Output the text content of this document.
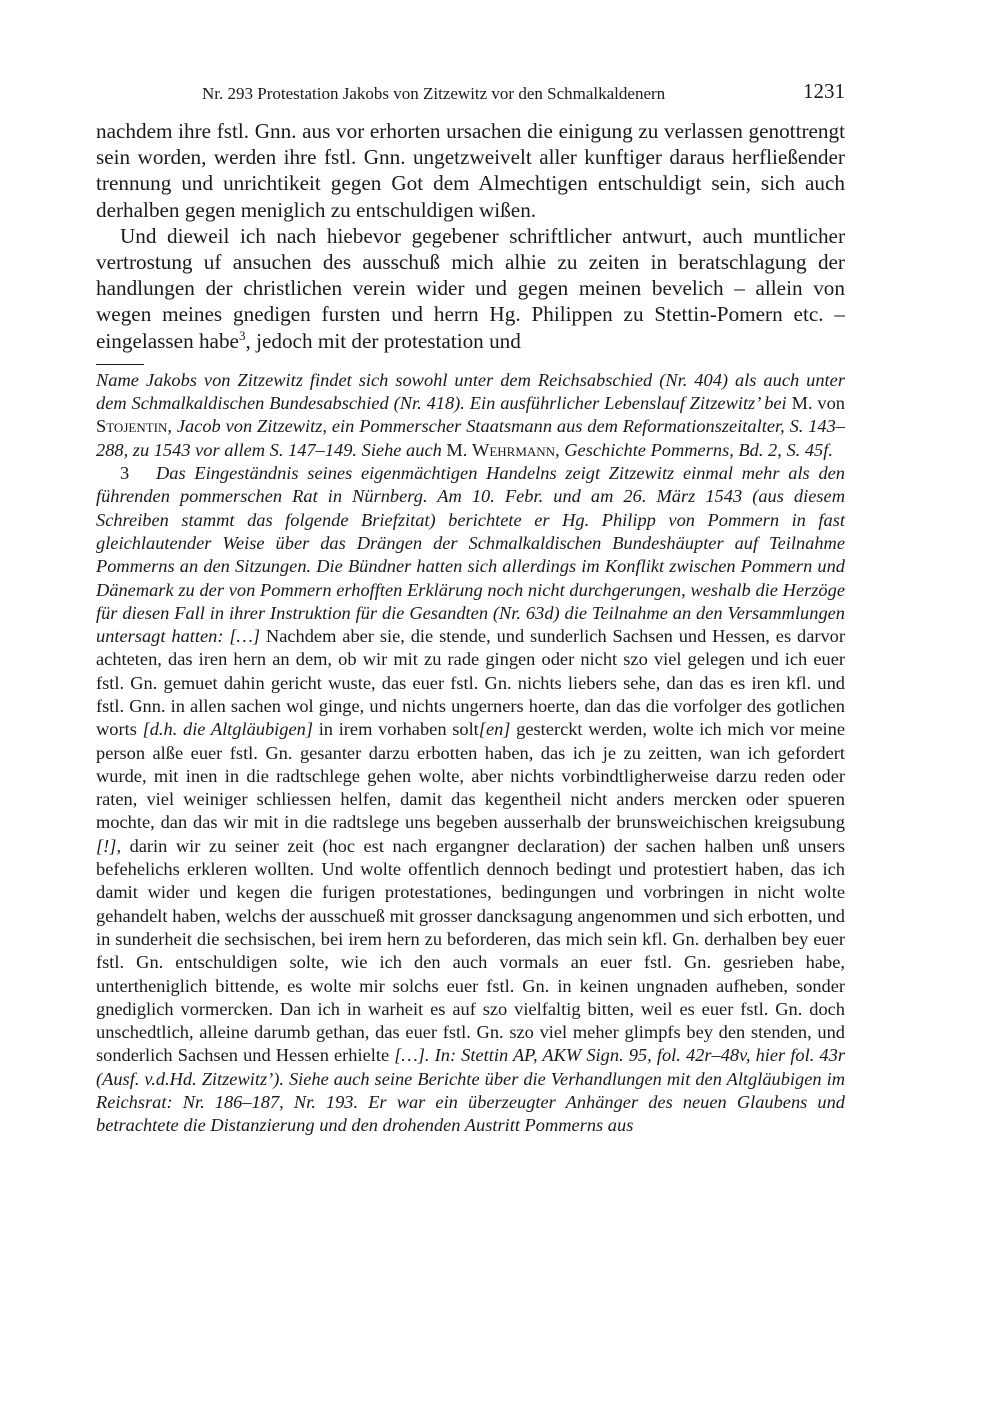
Nr. 293 Protestation Jakobs von Zitzewitz vor den Schmalkaldenern	1231

nachdem ihre fstl. Gnn. aus vor erhorten ursachen die einigung zu verlassen genottrengt sein worden, werden ihre fstl. Gnn. ungetzweivelt aller kunftiger daraus herfließender trennung und unrichtikeit gegen Got dem Almechtigen entschuldigt sein, sich auch derhalben gegen meniglich zu entschuldigen wißen.

Und dieweil ich nach hiebevor gegebener schriftlicher antwurt, auch muntlicher vertrostung uf ansuchen des ausschuß mich alhie zu zeiten in beratschlagung der handlungen der christlichen verein wider und gegen meinen bevelich – allein von wegen meines gnedigen fursten und herrn Hg. Philippen zu Stettin-Pomern etc. – eingelassen habe$^3$, jedoch mit der protestation und

Name Jakobs von Zitzewitz findet sich sowohl unter dem Reichsabschied (Nr. 404) als auch unter dem Schmalkaldischen Bundesabschied (Nr. 418). Ein ausführlicher Lebenslauf Zitzewitz’ bei M. von Stojentin, Jacob von Zitzewitz, ein Pommerscher Staatsmann aus dem Reformationszeitalter, S. 143–288, zu 1543 vor allem S. 147–149. Siehe auch M. Wehrmann, Geschichte Pommerns, Bd. 2, S. 45f.

3 Das Eingeständnis seines eigenmächtigen Handelns zeigt Zitzewitz einmal mehr als den führenden pommerschen Rat in Nürnberg. Am 10. Febr. und am 26. März 1543 (aus diesem Schreiben stammt das folgende Briefzitat) berichtete er Hg. Philipp von Pommern in fast gleichlautender Weise über das Drängen der Schmalkaldischen Bundeshäupter auf Teilnahme Pommerns an den Sitzungen. Die Bündner hatten sich allerdings im Konflikt zwischen Pommern und Dänemark zu der von Pommern erhofften Erklärung noch nicht durchgerungen, weshalb die Herzöge für diesen Fall in ihrer Instruktion für die Gesandten (Nr. 63d) die Teilnahme an den Versammlungen untersagt hatten: […] Nachdem aber sie, die stende, und sunderlich Sachsen und Hessen, es darvor achteten, das iren hern an dem, ob wir mit zu rade gingen oder nicht szo viel gelegen und ich euer fstl. Gn. gemuet dahin gericht wuste, das euer fstl. Gn. nichts liebers sehe, dan das es iren kfl. und fstl. Gnn. in allen sachen wol ginge, und nichts ungerners hoerte, dan das die vorfolger des gotlichen worts [d.h. die Altgläubigen] in irem vorhaben solt[en] gesterckt werden, wolte ich mich vor meine person alße euer fstl. Gn. gesanter darzu erbotten haben, das ich je zu zeitten, wan ich gefordert wurde, mit inen in die radtschlege gehen wolte, aber nichts vorbindtligherweise darzu reden oder raten, viel weiniger schliessen helfen, damit das kegentheil nicht anders mercken oder spueren mochte, dan das wir mit in die radtslege uns begeben ausserhalb der brunsweichischen kreigsubung [!], darin wir zu seiner zeit (hoc est nach ergangner declaration) der sachen halben unß unsers befehelichs erkleren wollten. Und wolte offentlich dennoch bedingt und protestiert haben, das ich damit wider und kegen die furigen protestationes, bedingungen und vorbringen in nicht wolte gehandelt haben, welchs der ausschueß mit grosser dancksagung angenommen und sich erbotten, und in sunderheit die sechsischen, bei irem hern zu beforderen, das mich sein kfl. Gn. derhalben bey euer fstl. Gn. entschuldigen solte, wie ich den auch vormals an euer fstl. Gn. gesrieben habe, untertheniglich bittende, es wolte mir solchs euer fstl. Gn. in keinen ungnaden aufheben, sonder gnediglich vormercken. Dan ich in warheit es auf szo vielfaltig bitten, weil es euer fstl. Gn. doch unschedtlich, alleine darumb gethan, das euer fstl. Gn. szo viel meher glimpfs bey den stenden, und sonderlich Sachsen und Hessen erhielte […]. In: Stettin AP, AKW Sign. 95, fol. 42r–48v, hier fol. 43r (Ausf. v.d.Hd. Zitzewitz’). Siehe auch seine Berichte über die Verhandlungen mit den Altgläubigen im Reichsrat: Nr. 186–187, Nr. 193. Er war ein überzeugter Anhänger des neuen Glaubens und betrachtete die Distanzierung und den drohenden Austritt Pommerns aus
